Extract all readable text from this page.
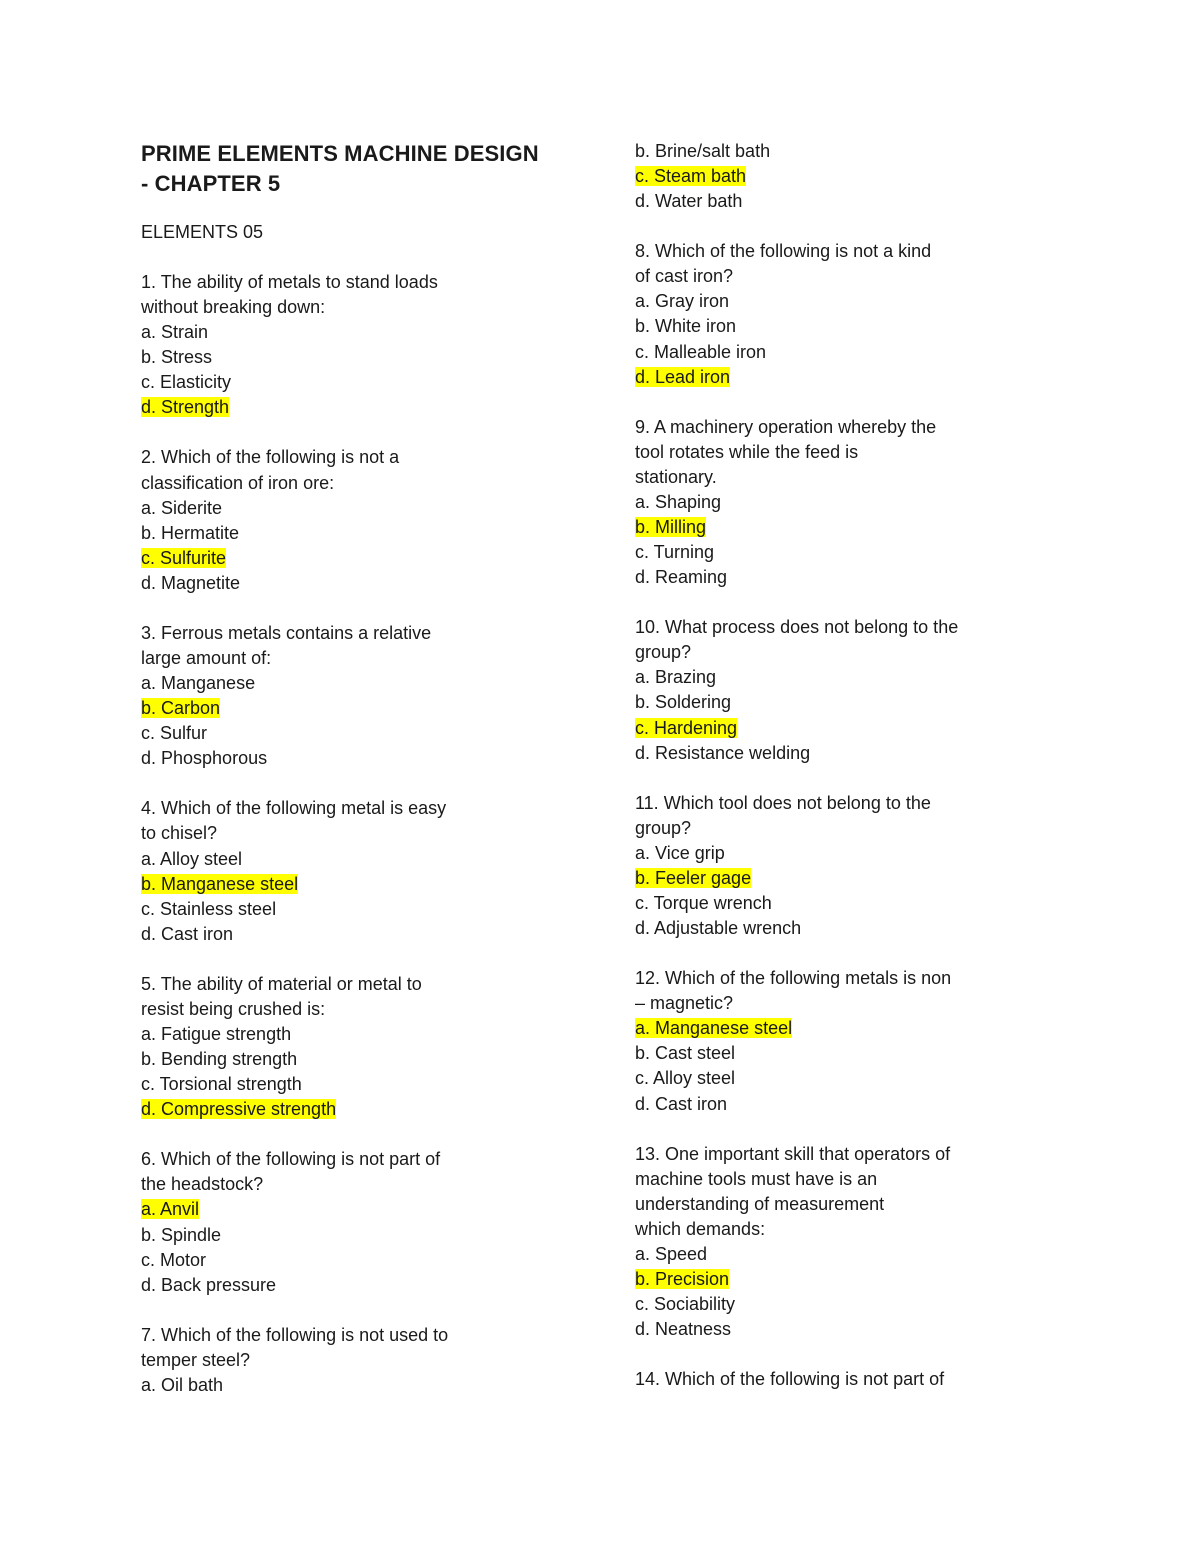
PRIME ELEMENTS MACHINE DESIGN
- CHAPTER 5
ELEMENTS 05
1. The ability of metals to stand loads
without breaking down:
a. Strain
b. Stress
c. Elasticity
d. Strength
2. Which of the following is not a
classification of iron ore:
a. Siderite
b. Hermatite
c. Sulfurite
d. Magnetite
3. Ferrous metals contains a relative
large amount of:
a. Manganese
b. Carbon
c. Sulfur
d. Phosphorous
4. Which of the following metal is easy
to chisel?
a. Alloy steel
b. Manganese steel
c. Stainless steel
d. Cast iron
5. The ability of material or metal to
resist being crushed is:
a. Fatigue strength
b. Bending strength
c. Torsional strength
d. Compressive strength
6. Which of the following is not part of
the headstock?
a. Anvil
b. Spindle
c. Motor
d. Back pressure
7. Which of the following is not used to
temper steel?
a. Oil bath
b. Brine/salt bath
c. Steam bath
d. Water bath
8. Which of the following is not a kind
of cast iron?
a. Gray iron
b. White iron
c. Malleable iron
d. Lead iron
9. A machinery operation whereby the
tool rotates while the feed is
stationary.
a. Shaping
b. Milling
c. Turning
d. Reaming
10. What process does not belong to the
group?
a. Brazing
b. Soldering
c. Hardening
d. Resistance welding
11. Which tool does not belong to the
group?
a. Vice grip
b. Feeler gage
c. Torque wrench
d. Adjustable wrench
12. Which of the following metals is non
– magnetic?
a. Manganese steel
b. Cast steel
c. Alloy steel
d. Cast iron
13. One important skill that operators of
machine tools must have is an
understanding of measurement
which demands:
a. Speed
b. Precision
c. Sociability
d. Neatness
14. Which of the following is not part of
